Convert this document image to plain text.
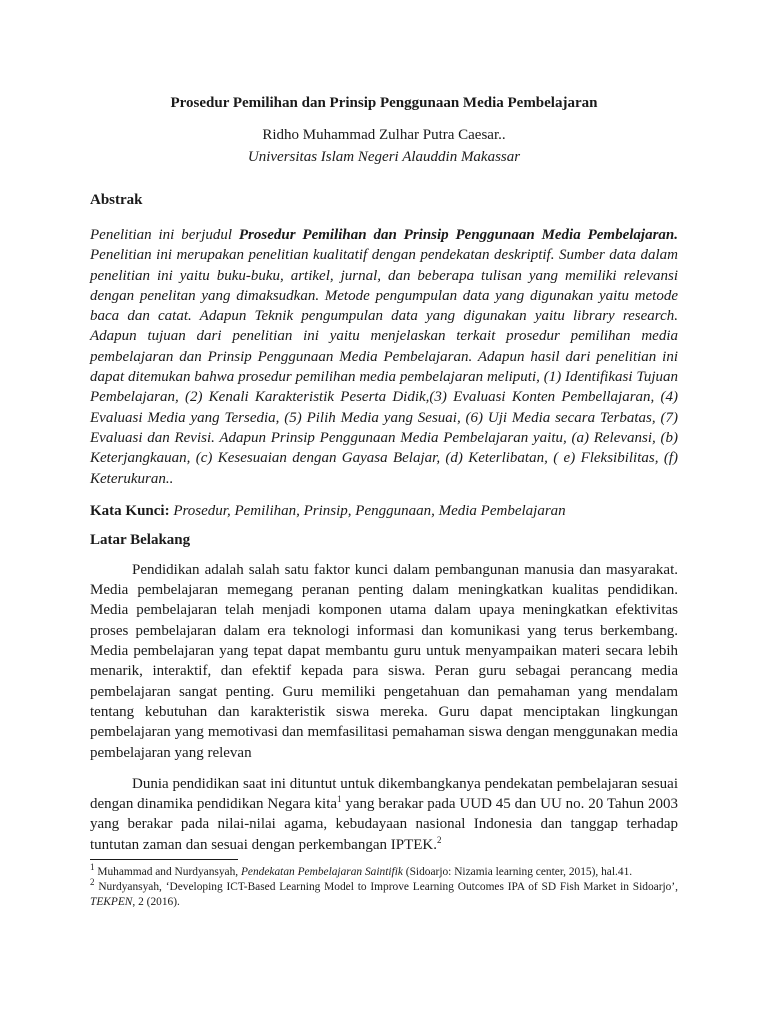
Prosedur Pemilihan dan Prinsip Penggunaan Media Pembelajaran
Ridho Muhammad Zulhar Putra Caesar..
Universitas Islam Negeri Alauddin Makassar
Abstrak
Penelitian ini berjudul Prosedur Pemilihan dan Prinsip Penggunaan Media Pembelajaran. Penelitian ini merupakan penelitian kualitatif dengan pendekatan deskriptif. Sumber data dalam penelitian ini yaitu buku-buku, artikel, jurnal, dan beberapa tulisan yang memiliki relevansi dengan penelitan yang dimaksudkan. Metode pengumpulan data yang digunakan yaitu metode baca dan catat. Adapun Teknik pengumpulan data yang digunakan yaitu library research. Adapun tujuan dari penelitian ini yaitu menjelaskan terkait prosedur pemilihan media pembelajaran dan Prinsip Penggunaan Media Pembelajaran. Adapun hasil dari penelitian ini dapat ditemukan bahwa prosedur pemilihan media pembelajaran meliputi, (1) Identifikasi Tujuan Pembelajaran, (2) Kenali Karakteristik Peserta Didik,(3) Evaluasi Konten Pembellajaran, (4) Evaluasi Media yang Tersedia, (5) Pilih Media yang Sesuai, (6) Uji Media secara Terbatas, (7) Evaluasi dan Revisi. Adapun Prinsip Penggunaan Media Pembelajaran yaitu, (a) Relevansi, (b) Keterjangkauan, (c) Kesesuaian dengan Gayasa Belajar, (d) Keterlibatan, ( e) Fleksibilitas, (f) Keterukuran..
Kata Kunci: Prosedur, Pemilihan, Prinsip, Penggunaan, Media Pembelajaran
Latar Belakang
Pendidikan adalah salah satu faktor kunci dalam pembangunan manusia dan masyarakat. Media pembelajaran memegang peranan penting dalam meningkatkan kualitas pendidikan. Media pembelajaran telah menjadi komponen utama dalam upaya meningkatkan efektivitas proses pembelajaran dalam era teknologi informasi dan komunikasi yang terus berkembang. Media pembelajaran yang tepat dapat membantu guru untuk menyampaikan materi secara lebih menarik, interaktif, dan efektif kepada para siswa. Peran guru sebagai perancang media pembelajaran sangat penting. Guru memiliki pengetahuan dan pemahaman yang mendalam tentang kebutuhan dan karakteristik siswa mereka. Guru dapat menciptakan lingkungan pembelajaran yang memotivasi dan memfasilitasi pemahaman siswa dengan menggunakan media pembelajaran yang relevan
Dunia pendidikan saat ini dituntut untuk dikembangkanya pendekatan pembelajaran sesuai dengan dinamika pendidikan Negara kita$^1$ yang berakar pada UUD 45 dan UU no. 20 Tahun 2003 yang berakar pada nilai-nilai agama, kebudayaan nasional Indonesia dan tanggap terhadap tuntutan zaman dan sesuai dengan perkembangan IPTEK.$^2$

$^1$ Muhammad and Nurdyansyah, Pendekatan Pembelajaran Saintifik (Sidoarjo: Nizamia learning center, 2015), hal.41.

$^2$ Nurdyansyah, ‘Developing ICT-Based Learning Model to Improve Learning Outcomes IPA of SD Fish Market in Sidoarjo’, TEKPEN, 2 (2016).
